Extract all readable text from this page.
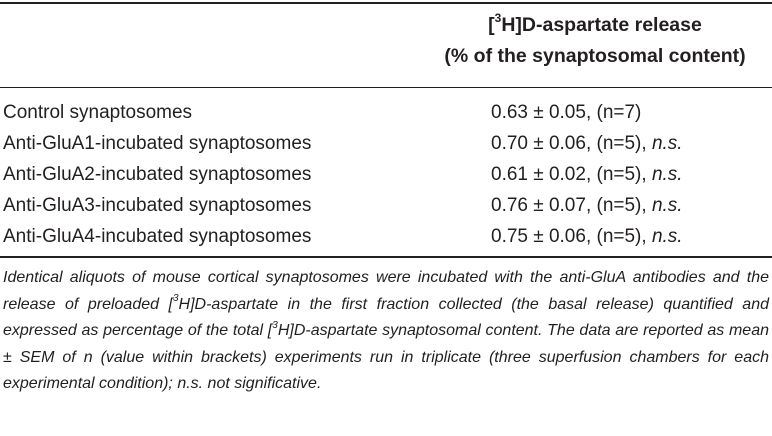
[$^3$H]D-aspartate release
(% of the synaptosomal content)
Control synaptosomes	0.63 ± 0.05, (n=7)
Anti-GluA1-incubated synaptosomes	0.70 ± 0.06, (n=5), n.s.
Anti-GluA2-incubated synaptosomes	0.61 ± 0.02, (n=5), n.s.
Anti-GluA3-incubated synaptosomes	0.76 ± 0.07, (n=5), n.s.
Anti-GluA4-incubated synaptosomes	0.75 ± 0.06, (n=5), n.s.
Identical aliquots of mouse cortical synaptosomes were incubated with the anti-GluA antibodies and the release of preloaded [$^3$H]D-aspartate in the first fraction collected (the basal release) quantified and expressed as percentage of the total [$^3$H]D-aspartate synaptosomal content. The data are reported as mean ± SEM of n (value within brackets) experiments run in triplicate (three superfusion chambers for each experimental condition); n.s. not significative.
